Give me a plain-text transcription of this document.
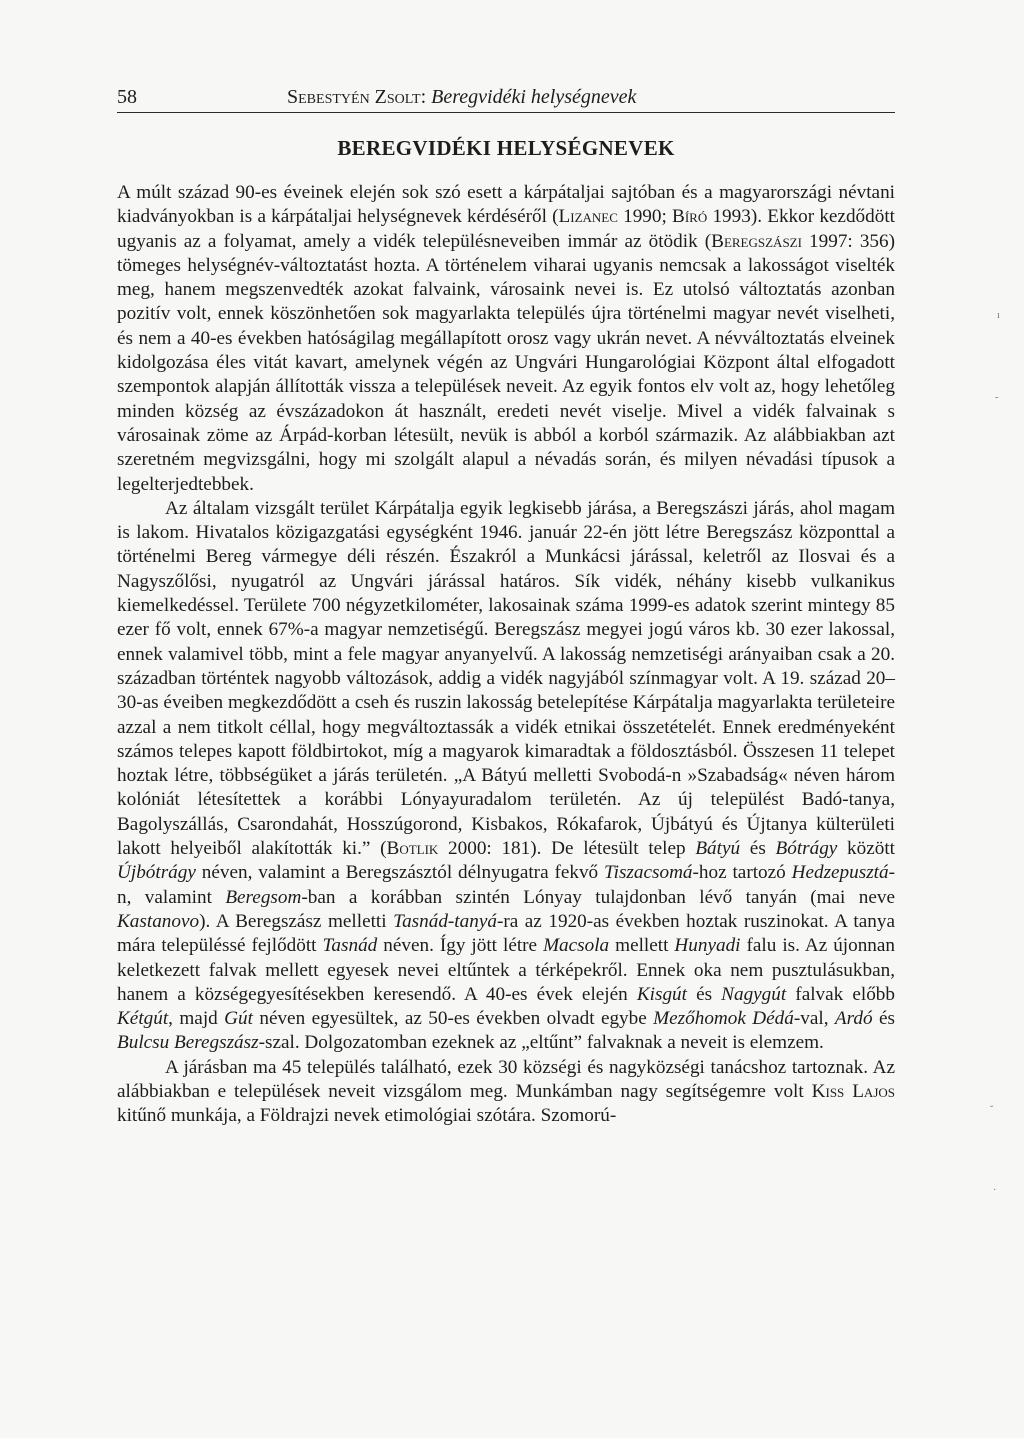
58	Sebestyén Zsolt: Beregvidéki helységnevek
BEREGVIDÉKI HELYSÉGNEVEK

A múlt század 90-es éveinek elején sok szó esett a kárpátaljai sajtóban és a magyarországi névtani kiadványokban is a kárpátaljai helységnevek kérdéséről (Lizanec 1990; Bíró 1993). Ekkor kezdődött ugyanis az a folyamat, amely a vidék településneveiben immár az ötödik (Beregszászi 1997: 356) tömeges helységnév-változtatást hozta. A történelem viharai ugyanis nemcsak a lakosságot viselték meg, hanem megszenvedték azokat falvaink, városaink nevei is. Ez utolsó változtatás azonban pozitív volt, ennek köszönhetően sok magyarlakta település újra történelmi magyar nevét viselheti, és nem a 40-es években hatóságilag megállapított orosz vagy ukrán nevet. A névváltoztatás elveinek kidolgozása éles vitát kavart, amelynek végén az Ungvári Hungarológiai Központ által elfogadott szempontok alapján állították vissza a települések neveit. Az egyik fontos elv volt az, hogy lehetőleg minden község az évszázadokon át használt, eredeti nevét viselje. Mivel a vidék falvainak s városainak zöme az Árpád-korban létesült, nevük is abból a korból származik. Az alábbiakban azt szeretném megvizsgálni, hogy mi szolgált alapul a névadás során, és milyen névadási típusok a legelterjedtebbek.

Az általam vizsgált terület Kárpátalja egyik legkisebb járása, a Beregszászi járás, ahol magam is lakom. Hivatalos közigazgatási egységként 1946. január 22-én jött létre Beregszász központtal a történelmi Bereg vármegye déli részén. Északról a Munkácsi járással, keletről az Ilosvai és a Nagyszőlősi, nyugatról az Ungvári járással határos. Sík vidék, néhány kisebb vulkanikus kiemelkedéssel. Területe 700 négyzetkilométer, lakosainak száma 1999-es adatok szerint mintegy 85 ezer fő volt, ennek 67%-a magyar nemzetiségű. Beregszász megyei jogú város kb. 30 ezer lakossal, ennek valamivel több, mint a fele magyar anyanyelvű. A lakosság nemzetiségi arányaiban csak a 20. században történtek nagyobb változások, addig a vidék nagyjából színmagyar volt. A 19. század 20–30-as éveiben megkezdődött a cseh és ruszin lakosság betelepítése Kárpátalja magyarlakta területeire azzal a nem titkolt céllal, hogy megváltoztassák a vidék etnikai összetételét. Ennek eredményeként számos telepes kapott földbirtokot, míg a magyarok kimaradtak a földosztásból. Összesen 11 telepet hoztak létre, többségüket a járás területén. „A Bátyú melletti Svobodá-n »Szabadság« néven három kolóniát létesítettek a korábbi Lónyayuradalom területén. Az új települést Badó-tanya, Bagolyszállás, Csarondahát, Hosszúgorond, Kisbakos, Rókafarok, Újbátyú és Újtanya külterületi lakott helyeiből alakították ki.” (Botlik 2000: 181). De létesült telep Bátyú és Bótrágy között Újbótrágy néven, valamint a Beregszásztól délnyugatra fekvő Tiszacsomá-hoz tartozó Hedzepusztá-n, valamint Beregsom-ban a korábban szintén Lónyay tulajdonban lévő tanyán (mai neve Kastanovo). A Beregszász melletti Tasnád-tanyá-ra az 1920-as években hoztak ruszinokat. A tanya mára településsé fejlődött Tasnád néven. Így jött létre Macsola mellett Hunyadi falu is. Az újonnan keletkezett falvak mellett egyesek nevei eltűntek a térképekről. Ennek oka nem pusztulásukban, hanem a községegyesítésekben keresendő. A 40-es évek elején Kisgút és Nagygút falvak előbb Kétgút, majd Gút néven egyesültek, az 50-es években olvadt egybe Mezőhomok Dédá-val, Ardó és Bulcsu Beregszász-szal. Dolgozatomban ezeknek az „eltűnt” falvaknak a neveit is elemzem.

A járásban ma 45 település található, ezek 30 községi és nagyközségi tanácshoz tartoznak. Az alábbiakban e települések neveit vizsgálom meg. Munkámban nagy segítségemre volt Kiss Lajos kitűnő munkája, a Földrajzi nevek etimológiai szótára. Szomorú-

ı
-
ˇ
·
